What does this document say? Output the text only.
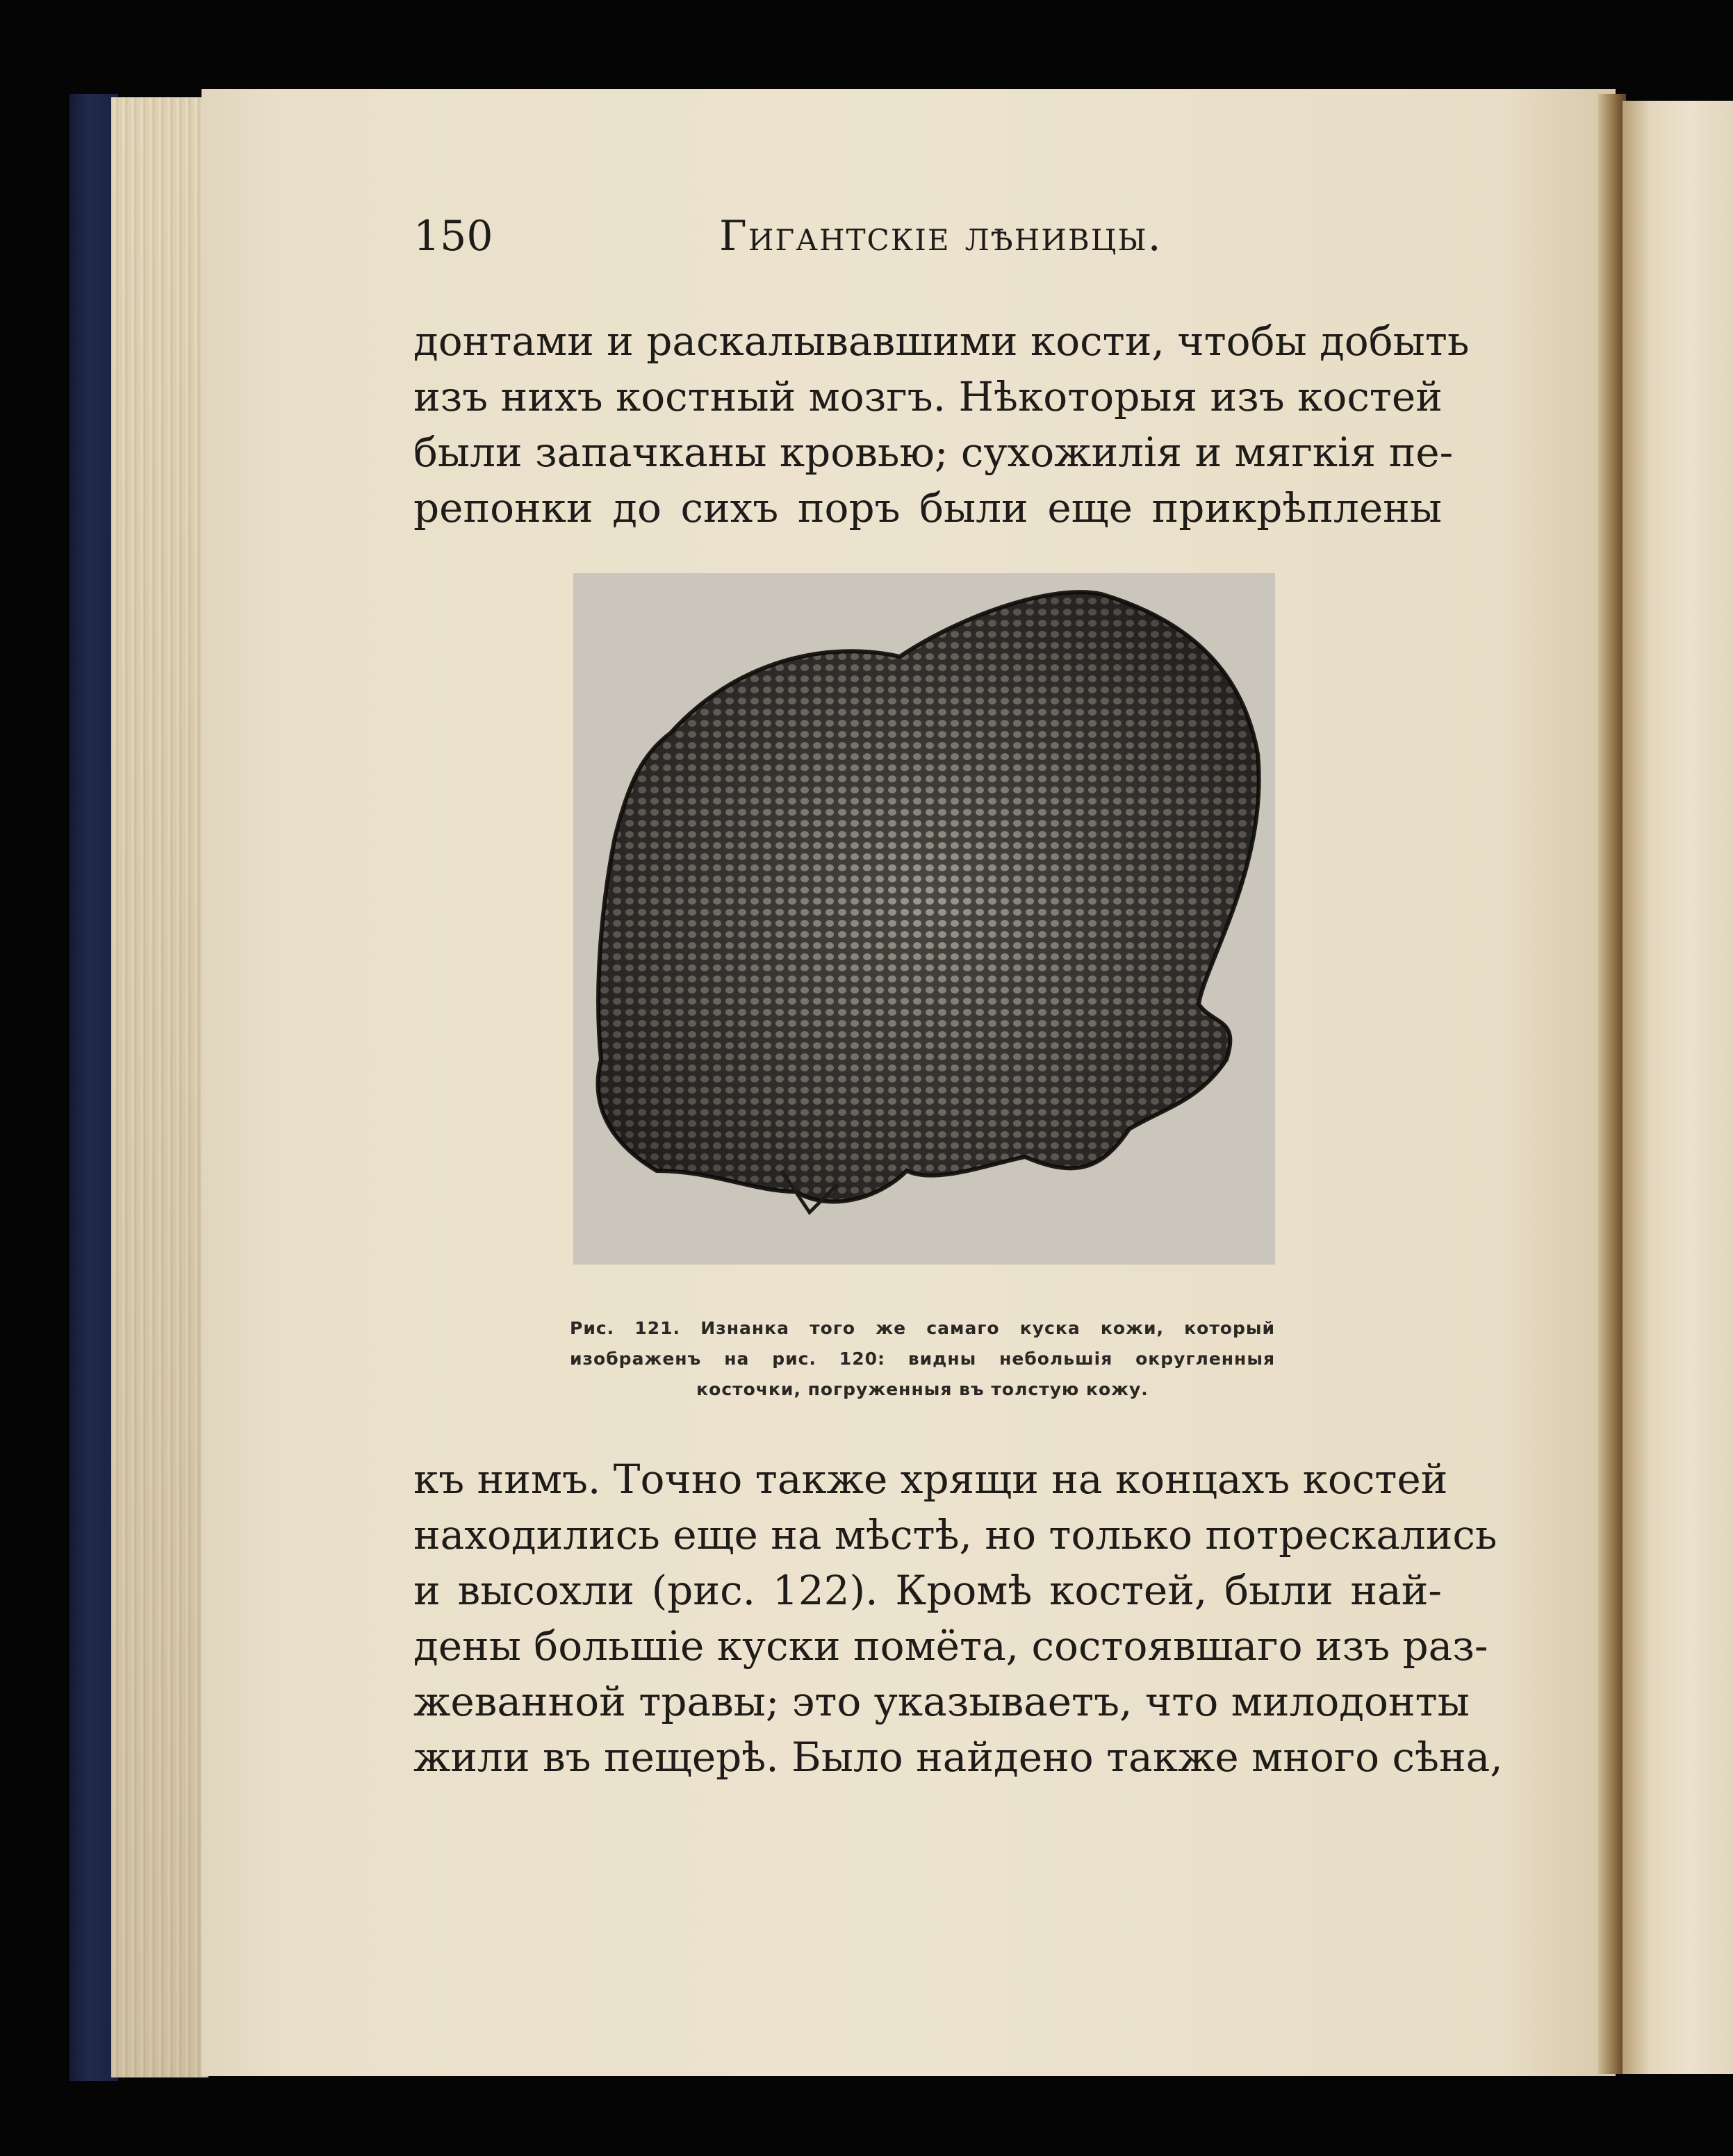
150	Гигантскiе лѣнивцы.
донтами и раскалывавшими кости, чтобы добыть
изъ нихъ костный мозгъ. Нѣкоторыя изъ костей
были запачканы кровью; сухожилiя и мягкiя пе-
репонки до сихъ поръ были еще прикрѣплены
Рис. 121. Изнанка того же самаго куска кожи, который
изображенъ на рис. 120: видны небольшiя округленныя
косточки, погруженныя въ толстую кожу.
къ нимъ. Точно также хрящи на концахъ костей
находились еще на мѣстѣ, но только потрескались
и высохли (рис. 122). Кромѣ костей, были най-
дены большiе куски помёта, состоявшаго изъ раз-
жеванной травы; это указываетъ, что милодонты
жили въ пещерѣ. Было найдено также много сѣна,
